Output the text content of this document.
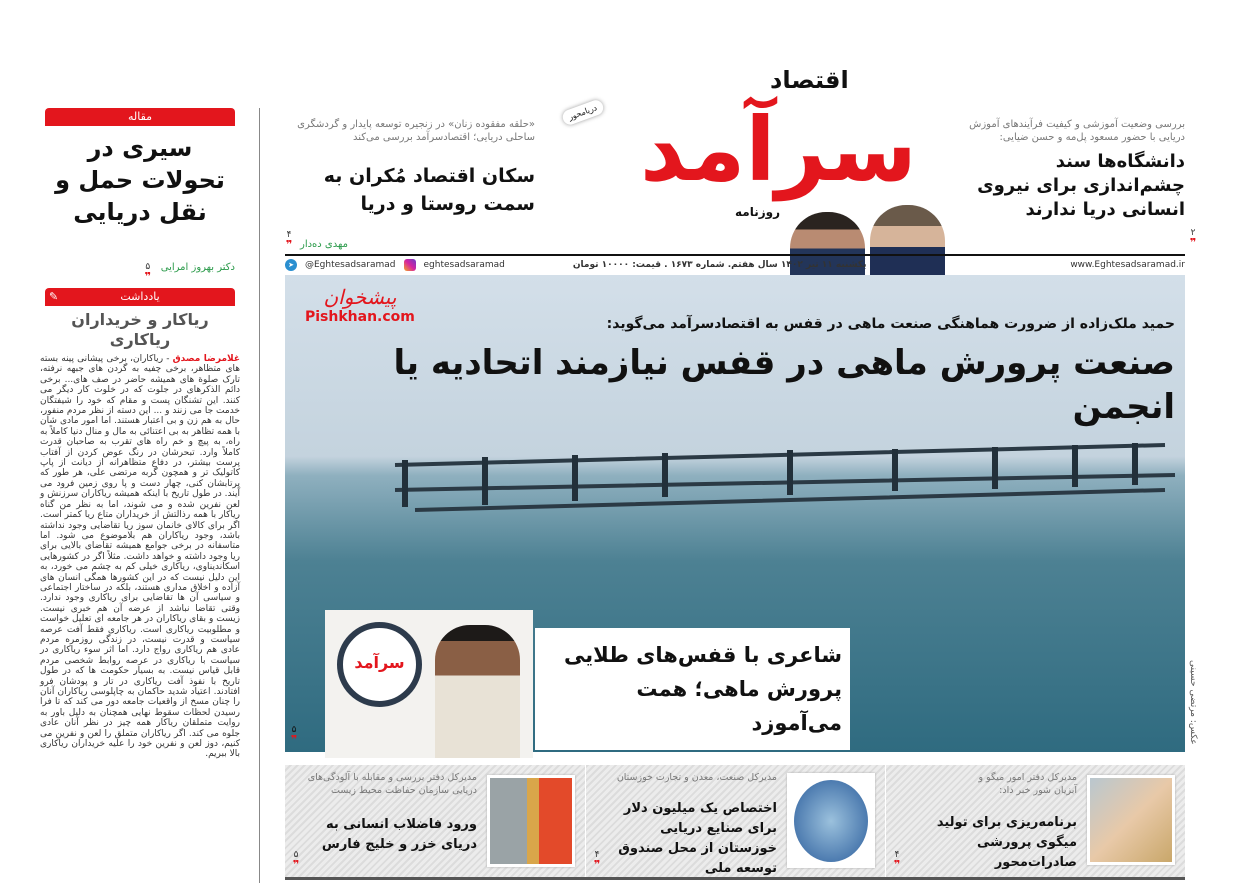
مقاله
سیری در تحولات حمل و نقل دریایی
۵
❞
دکتر بهروز امرایی
یادداشت
✎
ریاکار و خریداران ریاکاری
غلامرضا مصدق - ریاکاران، برخی پیشانی پینه بسته های متظاهر، برخی چفیه به گردن های جبهه نرفته، تارک صلوة های همیشه حاضر در صف های... برخی دائم الذکرهای در جلوت که در خلوت کار دیگر می کنند. این تشنگان پست و مقام که خود را شیفتگان خدمت جا می زنند و ... این دسته از نظر مردم منفور، حال به هم زن و بی اعتبار هستند. اما امور مادی شان با همه تظاهر به بی اعتنائی به مال و منال دنیا کاملاً به راه، به پیچ و خم راه های تقرب به صاحبان قدرت کاملاً وارد. تبحرشان در رنگ عوض کردن از آفتاب پرست بیشتر، در دفاع متظاهرانه از دیانت از پاپ کاتولیک تر و همچون گربه مرتضی علی، هر طور که پرتابشان کنی، چهار دست و پا روی زمین فرود می آیند. در طول تاریخ با اینکه همیشه ریاکاران سرزنش و لعن نفرین شده و می شوند، اما به نظر من گناه ریاکار با همه رذالتش از خریداران متاع ریا کمتر است. اگر برای کالای خانمان سوز ریا تقاضایی وجود نداشته باشد، وجود ریاکاران هم بلاموضوع می شود. اما متاسفانه در برخی جوامع همیشه تقاضای بالایی برای ریا وجود داشته و خواهد داشت. مثلاً اگر در کشورهایی اسکاندیناوی، ریاکاری خیلی کم به چشم می خورد، به این دلیل نیست که در این کشورها همگی انسان های آزاده و اخلاق مداری هستند، بلکه در ساختار اجتماعی و سیاسی آن ها تقاضایی برای ریاکاری وجود ندارد. وقتی تقاضا نباشد از عرضه آن هم خبری نیست. زیست و بقای ریاکاران در هر جامعه ای تعلیل خواست و مطلوبیت ریاکاری است. ریاکاری فقط آفت عرصه سیاست و قدرت نیست، در زندگی روزمره مردم عادی هم ریاکاری رواج دارد. اما اثر سوء ریاکاری در سیاست با ریاکاری در عرصه روابط شخصی مردم قابل قیاس نیست. به بسیار حکومت ها که در طول تاریخ با نفوذ آفت ریاکاری در تار و پودشان فرو افتادند. اعتیاد شدید حاکمان به چاپلوسی ریاکاران آنان را چنان مسخ از واقعیات جامعه دور می کند که تا فرا رسیدن لحظات سقوط نهایی همچنان به دلیل باور به روایت متملقان ریاکار همه چیز در نظر آنان عادی جلوه می کند. اگر ریاکاران متملق را لعن و نفرین می کنیم، دوز لعن و نفرین خود را علیه خریداران ریاکاری بالا ببریم.
بررسی وضعیت آموزشی و کیفیت فرآیندهای آموزش دریایی با حضور مسعود پل‌مه و حسن ضیایی:
دانشگاه‌ها سند چشم‌اندازی برای نیروی انسانی دریا ندارند
۲
❞
اقتصاد
سرآمد
دریامحور
روزنامه
«حلقه مفقوده زنان» در زنجیره توسعه پایدار و گردشگری ساحلی دریایی؛ اقتصادسرآمد بررسی می‌کند
سکان اقتصاد مُکران به سمت روستا و دریا
مهدی ده‌دار
۴
❞
➤	@Eghtesadsaramad	eghtesadsaramad	یکشنبه ۱۱ تیر ۱۴۰۲ سال هفتم. شماره ۱۶۷۳ . قیمت: ۱۰۰۰۰ تومان	www.Eghtesadsaramad.ir
پیشخوان
Pishkhan.com	حمید ملک‌زاده از ضرورت هماهنگی صنعت ماهی در قفس به اقتصادسرآمد می‌گوید:
صنعت پرورش ماهی در قفس نیازمند اتحادیه یا انجمن
۵
❞	عکس: مرتضی حسینی
سرآمد	شاعری با قفس‌های طلایی پرورش ماهی؛ همت می‌آموزد
مدیرکل دفتر امور میگو و آبزیان شور خبر داد:
برنامه‌ریزی برای تولید میگوی پرورشی صادرات‌محور
۴
❞
مدیرکل صنعت، معدن و تجارت خوزستان
اختصاص یک میلیون دلار برای صنایع دریایی خوزستان از محل صندوق توسعه ملی
۴
❞
مدیرکل دفتر بررسی و مقابله با آلودگی‌های دریایی سازمان حفاظت محیط زیست
ورود فاضلاب انسانی به دریای خزر و خلیج فارس
۵
❞
